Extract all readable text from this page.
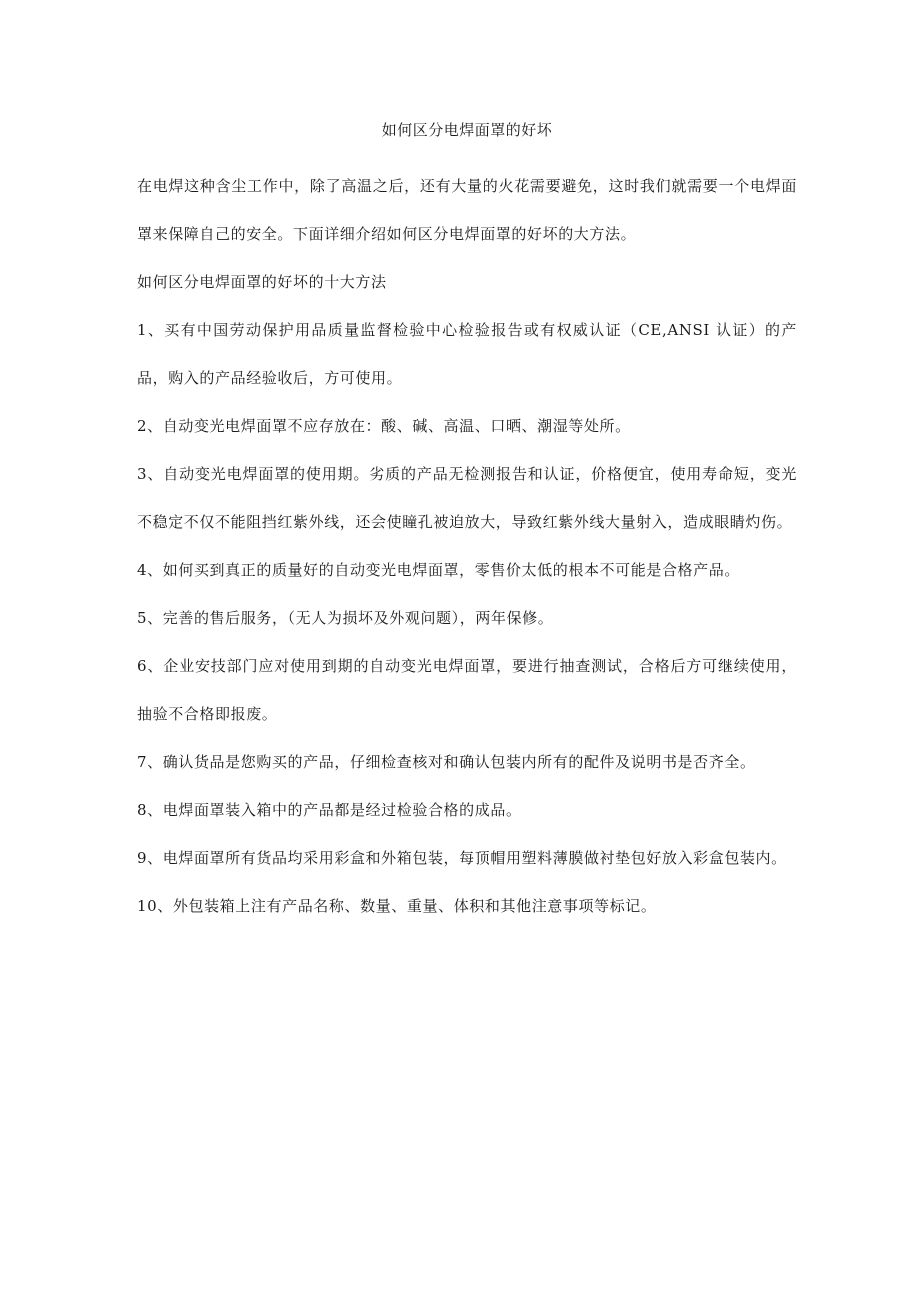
如何区分电焊面罩的好坏

在电焊这种含尘工作中，除了高温之后，还有大量的火花需要避免，这时我们就需要一个电焊面罩来保障自己的安全。下面详细介绍如何区分电焊面罩的好坏的大方法。

如何区分电焊面罩的好坏的十大方法

1、买有中国劳动保护用品质量监督检验中心检验报告或有权威认证（CE,ANSI 认证）的产品，购入的产品经验收后，方可使用。

2、自动变光电焊面罩不应存放在：酸、碱、高温、口晒、潮湿等处所。

3、自动变光电焊面罩的使用期。劣质的产品无检测报告和认证，价格便宜，使用寿命短，变光不稳定不仅不能阻挡红紫外线，还会使瞳孔被迫放大，导致红紫外线大量射入，造成眼睛灼伤。

4、如何买到真正的质量好的自动变光电焊面罩，零售价太低的根本不可能是合格产品。

5、完善的售后服务，（无人为损坏及外观问题），两年保修。

6、企业安技部门应对使用到期的自动变光电焊面罩，要进行抽查测试，合格后方可继续使用，抽验不合格即报废。

7、确认货品是您购买的产品，仔细检查核对和确认包装内所有的配件及说明书是否齐全。

8、电焊面罩装入箱中的产品都是经过检验合格的成品。

9、电焊面罩所有货品均采用彩盒和外箱包装，每顶帽用塑料薄膜做衬垫包好放入彩盒包装内。

10、外包装箱上注有产品名称、数量、重量、体积和其他注意事项等标记。
